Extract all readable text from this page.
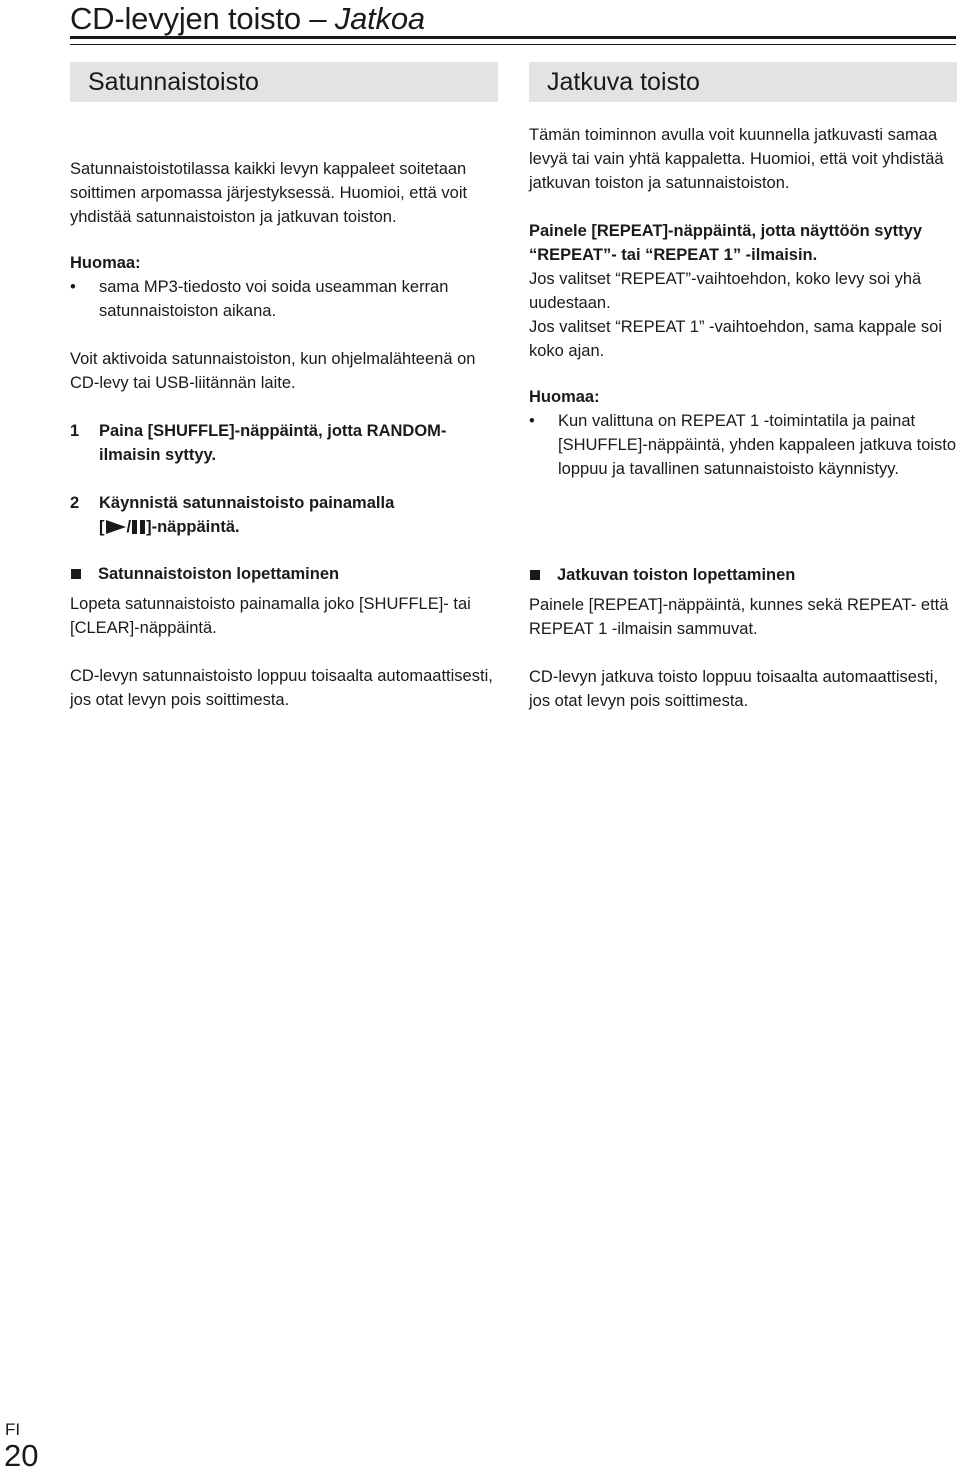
CD-levyjen toisto – Jatkoa
Satunnaistoisto

Satunnaistoistotilassa kaikki levyn kappaleet soitetaan soittimen arpomassa järjestyksessä. Huomioi, että voit yhdistää satunnaistoiston ja jatkuvan toiston.

Huomaa:

• sama MP3-tiedosto voi soida useamman kerran satunnaistoiston aikana.

Voit aktivoida satunnaistoiston, kun ohjelmalähteenä on CD-levy tai USB-liitännän laite.

1 Paina [SHUFFLE]-näppäintä, jotta RANDOM-ilmaisin syttyy.

2 Käynnistä satunnaistoisto painamalla
[ / ]-näppäintä.

Satunnaistoiston lopettaminen

Lopeta satunnaistoisto painamalla joko [SHUFFLE]- tai [CLEAR]-näppäintä.

CD-levyn satunnaistoisto loppuu toisaalta automaattisesti, jos otat levyn pois soittimesta.

Jatkuva toisto

Tämän toiminnon avulla voit kuunnella jatkuvasti samaa levyä tai vain yhtä kappaletta. Huomioi, että voit yhdistää jatkuvan toiston ja satunnaistoiston.

Painele [REPEAT]-näppäintä, jotta näyttöön syttyy “REPEAT”- tai “REPEAT 1” -ilmaisin.

Jos valitset “REPEAT”-vaihtoehdon, koko levy soi yhä uudestaan.

Jos valitset “REPEAT 1” -vaihtoehdon, sama kappale soi koko ajan.

Huomaa:

• Kun valittuna on REPEAT 1 -toimintatila ja painat [SHUFFLE]-näppäintä, yhden kappaleen jatkuva toisto loppuu ja tavallinen satunnaistoisto käynnistyy.

Jatkuvan toiston lopettaminen

Painele [REPEAT]-näppäintä, kunnes sekä REPEAT- että REPEAT 1 -ilmaisin sammuvat.

CD-levyn jatkuva toisto loppuu toisaalta automaattisesti, jos otat levyn pois soittimesta.

FI
20
